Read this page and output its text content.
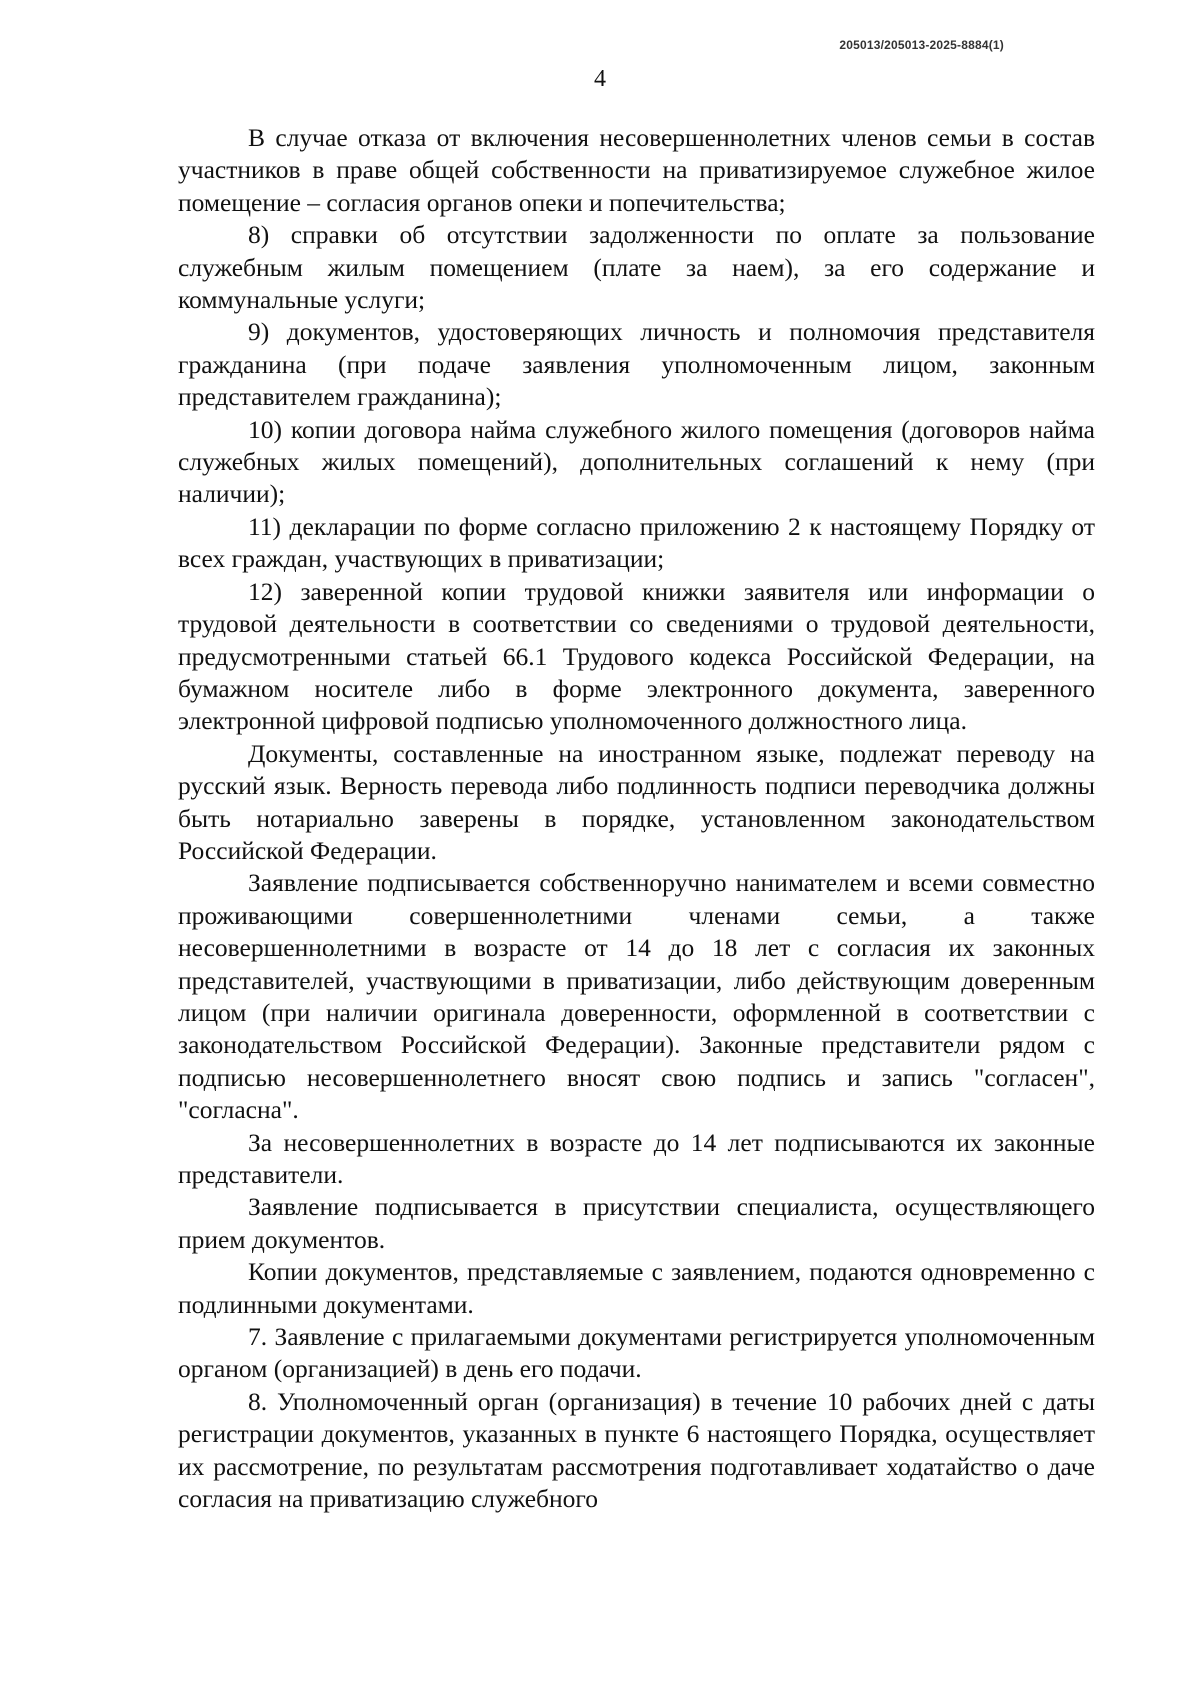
205013/205013-2025-8884(1)
4

В случае отказа от включения несовершеннолетних членов семьи в состав участников в праве общей собственности на приватизируемое служебное жилое помещение – согласия органов опеки и попечительства;

8) справки об отсутствии задолженности по оплате за пользование служебным жилым помещением (плате за наем), за его содержание и коммунальные услуги;

9) документов, удостоверяющих личность и полномочия представителя гражданина (при подаче заявления уполномоченным лицом, законным представителем гражданина);

10) копии договора найма служебного жилого помещения (договоров найма служебных жилых помещений), дополнительных соглашений к нему (при наличии);

11) декларации по форме согласно приложению 2 к настоящему Порядку от всех граждан, участвующих в приватизации;

12) заверенной копии трудовой книжки заявителя или информации о трудовой деятельности в соответствии со сведениями о трудовой деятельности, предусмотренными статьей 66.1 Трудового кодекса Российской Федерации, на бумажном носителе либо в форме электронного документа, заверенного электронной цифровой подписью уполномоченного должностного лица.

Документы, составленные на иностранном языке, подлежат переводу на русский язык. Верность перевода либо подлинность подписи переводчика должны быть нотариально заверены в порядке, установленном законодательством Российской Федерации.

Заявление подписывается собственноручно нанимателем и всеми совместно проживающими совершеннолетними членами семьи, а также несовершеннолетними в возрасте от 14 до 18 лет с согласия их законных представителей, участвующими в приватизации, либо действующим доверенным лицом (при наличии оригинала доверенности, оформленной в соответствии с законодательством Российской Федерации). Законные представители рядом с подписью несовершеннолетнего вносят свою подпись и запись "согласен", "согласна".

За несовершеннолетних в возрасте до 14 лет подписываются их законные представители.

Заявление подписывается в присутствии специалиста, осуществляющего прием документов.

Копии документов, представляемые с заявлением, подаются одновременно с подлинными документами.

7. Заявление с прилагаемыми документами регистрируется уполномоченным органом (организацией) в день его подачи.

8. Уполномоченный орган (организация) в течение 10 рабочих дней с даты регистрации документов, указанных в пункте 6 настоящего Порядка, осуществляет их рассмотрение, по результатам рассмотрения подготавливает ходатайство о даче согласия на приватизацию служебного
